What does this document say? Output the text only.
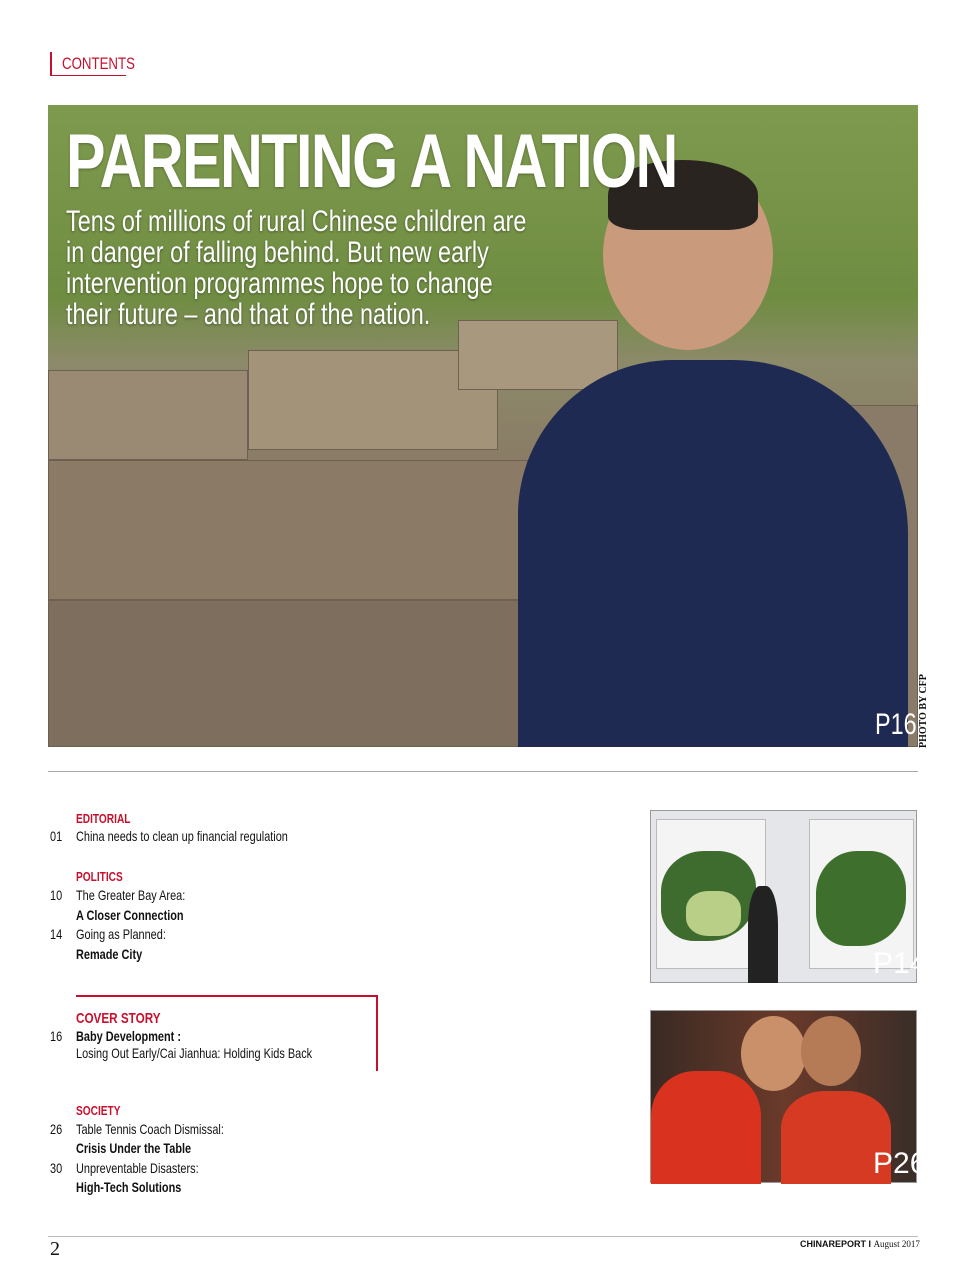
CONTENTS
PARENTING A NATION
Tens of millions of rural Chinese children are
in danger of falling behind. But new early
intervention programmes hope to change
their future – and that of the nation.
P16 PHOTO BY CFP
EDITORIAL
01 China needs to clean up financial regulation
POLITICS
10 The Greater Bay Area:
A Closer Connection
14 Going as Planned:
Remade City
COVER STORY
16 Baby Development :
Losing Out Early/Cai Jianhua: Holding Kids Back
SOCIETY
26 Table Tennis Coach Dismissal:
Crisis Under the Table
30 Unpreventable Disasters:
High-Tech Solutions
P14
P26
2	CHINAREPORT I August 2017
